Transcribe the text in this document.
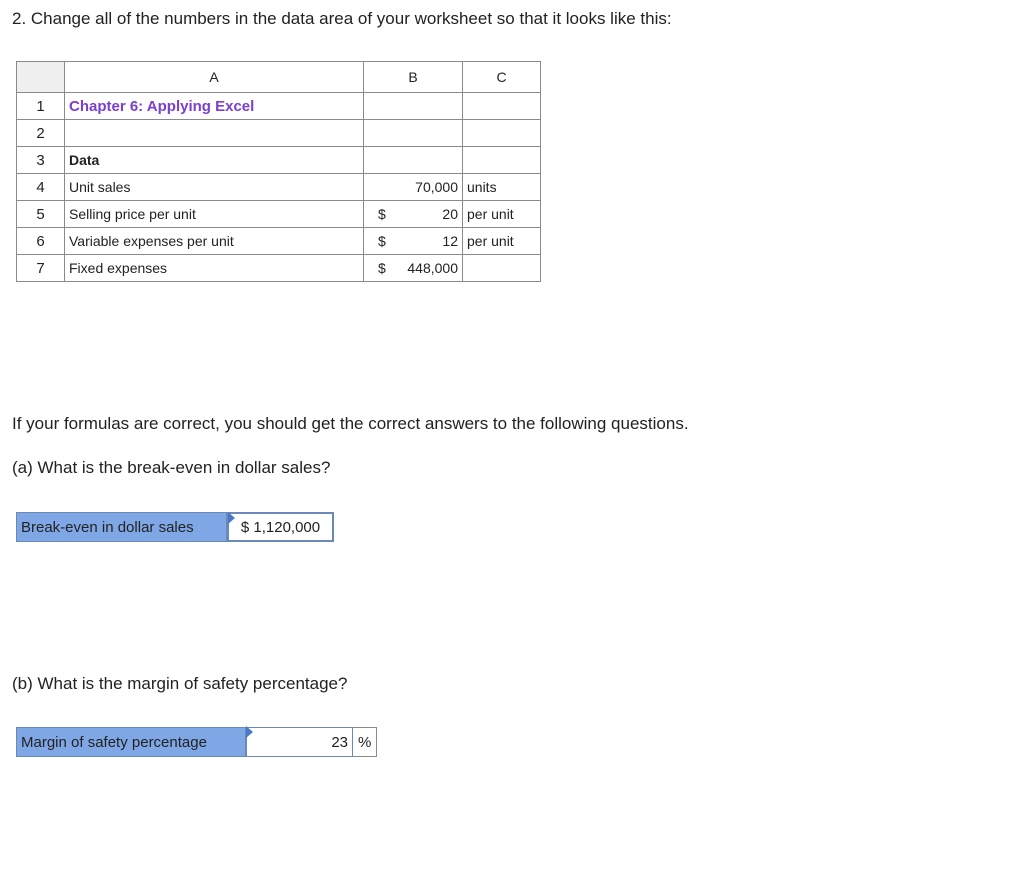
2. Change all of the numbers in the data area of your worksheet so that it looks like this:
	A	B	C
1	Chapter 6: Applying Excel		
2			
3	Data		
4	Unit sales	70,000	units
5	Selling price per unit	$ 20	per unit
6	Variable expenses per unit	$ 12	per unit
7	Fixed expenses	$ 448,000	

If your formulas are correct, you should get the correct answers to the following questions.
(a) What is the break-even in dollar sales?
Break-even in dollar sales	$ 1,120,000
(b) What is the margin of safety percentage?
Margin of safety percentage	23 %
